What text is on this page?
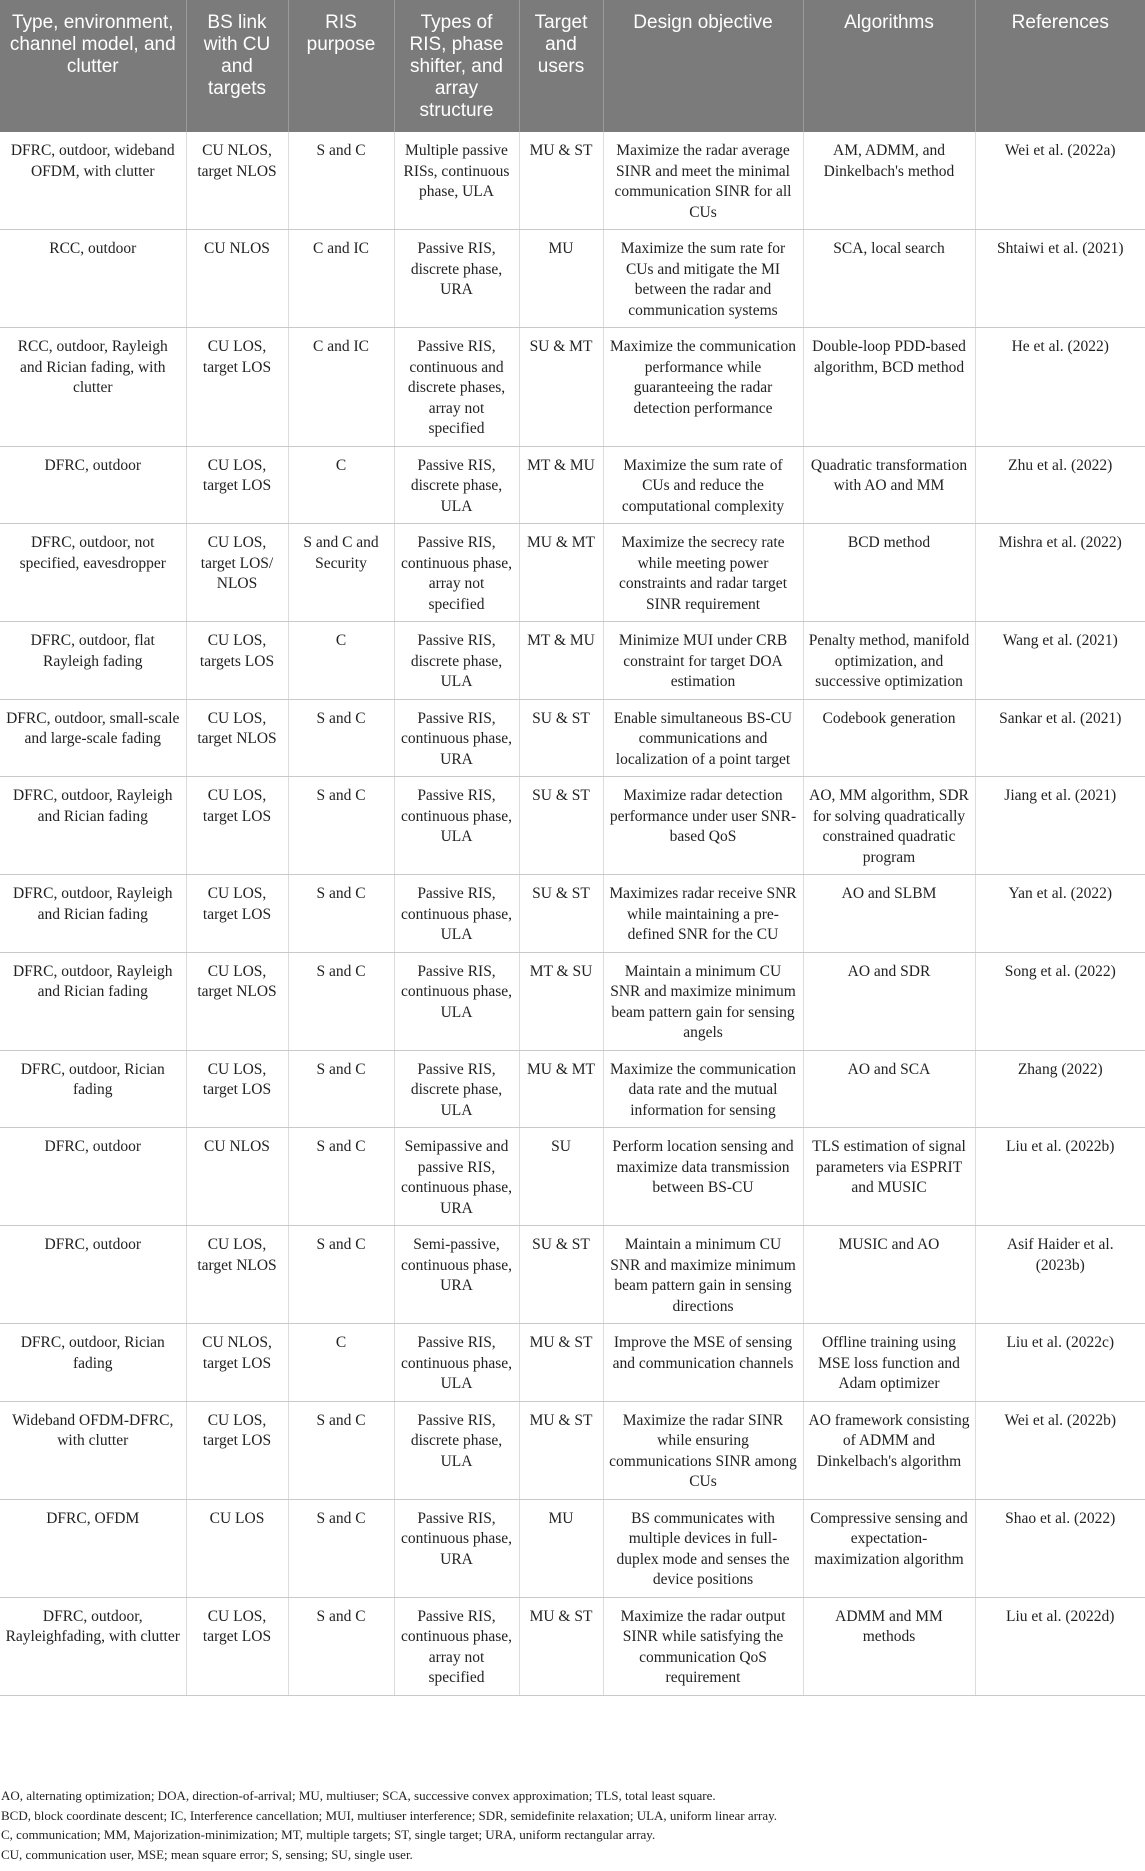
Type, environment, channel model, and clutter	BS link with CU and targets	RIS purpose	Types of RIS, phase shifter, and array structure	Target and users	Design objective	Algorithms	References
DFRC, outdoor, wideband OFDM, with clutter	CU NLOS, target NLOS	S and C	Multiple passive RISs, continuous phase, ULA	MU & ST	Maximize the radar average SINR and meet the minimal communication SINR for all CUs	AM, ADMM, and Dinkelbach's method	Wei et al. (2022a)
RCC, outdoor	CU NLOS	C and IC	Passive RIS, discrete phase, URA	MU	Maximize the sum rate for CUs and mitigate the MI between the radar and communication systems	SCA, local search	Shtaiwi et al. (2021)
RCC, outdoor, Rayleigh and Rician fading, with clutter	CU LOS, target LOS	C and IC	Passive RIS, continuous and discrete phases, array not specified	SU & MT	Maximize the communication performance while guaranteeing the radar detection performance	Double-loop PDD-based algorithm, BCD method	He et al. (2022)
DFRC, outdoor	CU LOS, target LOS	C	Passive RIS, discrete phase, ULA	MT & MU	Maximize the sum rate of CUs and reduce the computational complexity	Quadratic transformation with AO and MM	Zhu et al. (2022)
DFRC, outdoor, not specified, eavesdropper	CU LOS, target LOS/ NLOS	S and C and Security	Passive RIS, continuous phase, array not specified	MU & MT	Maximize the secrecy rate while meeting power constraints and radar target SINR requirement	BCD method	Mishra et al. (2022)
DFRC, outdoor, flat Rayleigh fading	CU LOS, targets LOS	C	Passive RIS, discrete phase, ULA	MT & MU	Minimize MUI under CRB constraint for target DOA estimation	Penalty method, manifold optimization, and successive optimization	Wang et al. (2021)
DFRC, outdoor, small-scale and large-scale fading	CU LOS, target NLOS	S and C	Passive RIS, continuous phase, URA	SU & ST	Enable simultaneous BS-CU communications and localization of a point target	Codebook generation	Sankar et al. (2021)
DFRC, outdoor, Rayleigh and Rician fading	CU LOS, target LOS	S and C	Passive RIS, continuous phase, ULA	SU & ST	Maximize radar detection performance under user SNR-based QoS	AO, MM algorithm, SDR for solving quadratically constrained quadratic program	Jiang et al. (2021)
DFRC, outdoor, Rayleigh and Rician fading	CU LOS, target LOS	S and C	Passive RIS, continuous phase, ULA	SU & ST	Maximizes radar receive SNR while maintaining a pre-defined SNR for the CU	AO and SLBM	Yan et al. (2022)
DFRC, outdoor, Rayleigh and Rician fading	CU LOS, target NLOS	S and C	Passive RIS, continuous phase, ULA	MT & SU	Maintain a minimum CU SNR and maximize minimum beam pattern gain for sensing angels	AO and SDR	Song et al. (2022)
DFRC, outdoor, Rician fading	CU LOS, target LOS	S and C	Passive RIS, discrete phase, ULA	MU & MT	Maximize the communication data rate and the mutual information for sensing	AO and SCA	Zhang (2022)
DFRC, outdoor	CU NLOS	S and C	Semipassive and passive RIS, continuous phase, URA	SU	Perform location sensing and maximize data transmission between BS-CU	TLS estimation of signal parameters via ESPRIT and MUSIC	Liu et al. (2022b)
DFRC, outdoor	CU LOS, target NLOS	S and C	Semi-passive, continuous phase, URA	SU & ST	Maintain a minimum CU SNR and maximize minimum beam pattern gain in sensing directions	MUSIC and AO	Asif Haider et al. (2023b)
DFRC, outdoor, Rician fading	CU NLOS, target LOS	C	Passive RIS, continuous phase, ULA	MU & ST	Improve the MSE of sensing and communication channels	Offline training using MSE loss function and Adam optimizer	Liu et al. (2022c)
Wideband OFDM-DFRC, with clutter	CU LOS, target LOS	S and C	Passive RIS, discrete phase, ULA	MU & ST	Maximize the radar SINR while ensuring communications SINR among CUs	AO framework consisting of ADMM and Dinkelbach's algorithm	Wei et al. (2022b)
DFRC, OFDM	CU LOS	S and C	Passive RIS, continuous phase, URA	MU	BS communicates with multiple devices in full-duplex mode and senses the device positions	Compressive sensing and expectation-maximization algorithm	Shao et al. (2022)
DFRC, outdoor, Rayleighfading, with clutter	CU LOS, target LOS	S and C	Passive RIS, continuous phase, array not specified	MU & ST	Maximize the radar output SINR while satisfying the communication QoS requirement	ADMM and MM methods	Liu et al. (2022d)
AO, alternating optimization; DOA, direction-of-arrival; MU, multiuser; SCA, successive convex approximation; TLS, total least square.
BCD, block coordinate descent; IC, Interference cancellation; MUI, multiuser interference; SDR, semidefinite relaxation; ULA, uniform linear array.
C, communication; MM, Majorization-minimization; MT, multiple targets; ST, single target; URA, uniform rectangular array.
CU, communication user, MSE; mean square error; S, sensing; SU, single user.
